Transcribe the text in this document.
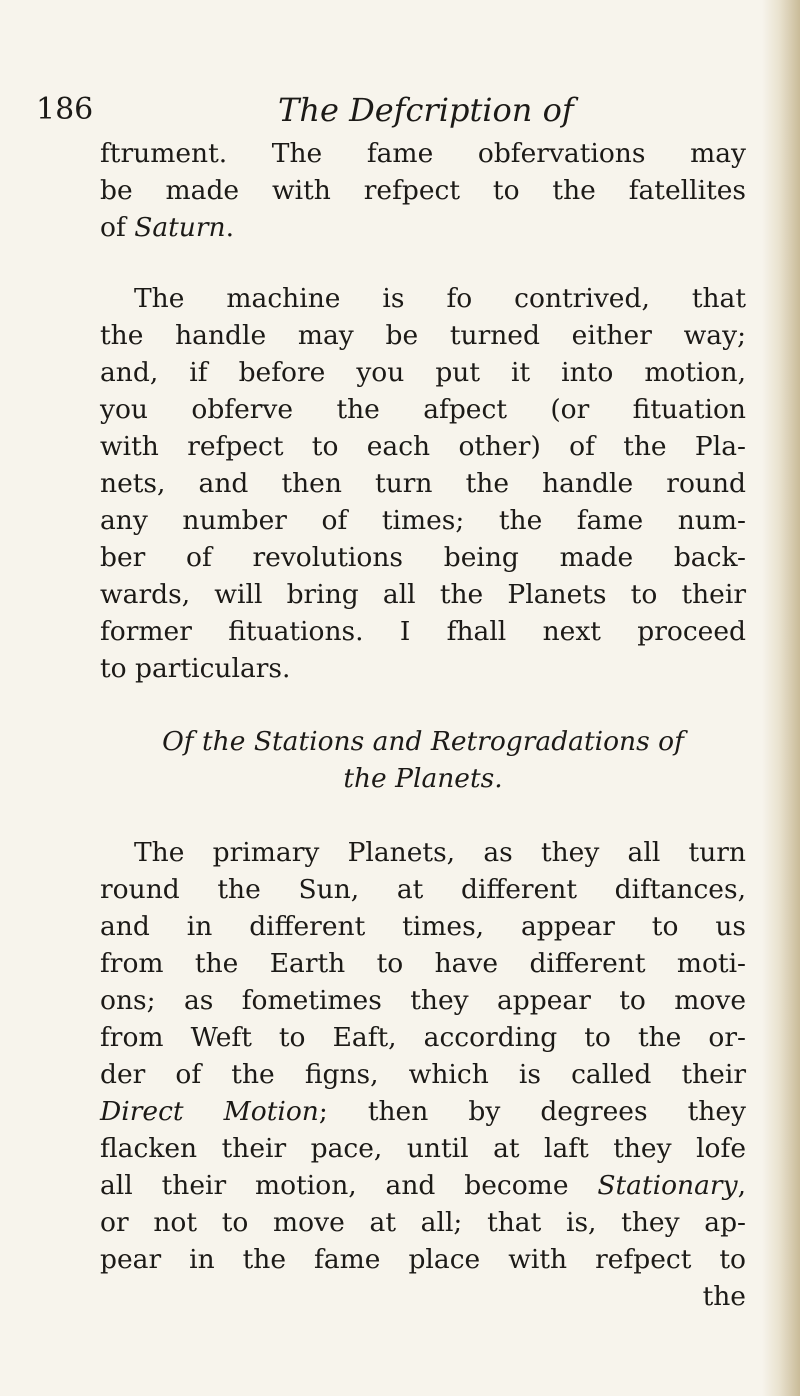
186	The Defcription of
ftrument. The fame obfervations may
be made with refpect to the fatellites
of Saturn.
The machine is fo contrived, that
the handle may be turned either way;
and, if before you put it into motion,
you obferve the afpect (or fituation
with refpect to each other) of the Pla-
nets, and then turn the handle round
any number of times; the fame num-
ber of revolutions being made back-
wards, will bring all the Planets to their
former fituations. I fhall next proceed
to particulars.
Of the Stations and Retrogradations of
the Planets.
The primary Planets, as they all turn
round the Sun, at different diftances,
and in different times, appear to us
from the Earth to have different moti-
ons; as fometimes they appear to move
from Weft to Eaft, according to the or-
der of the figns, which is called their
Direct Motion; then by degrees they
flacken their pace, until at laft they lofe
all their motion, and become Stationary,
or not to move at all; that is, they ap-
pear in the fame place with refpect to
the
